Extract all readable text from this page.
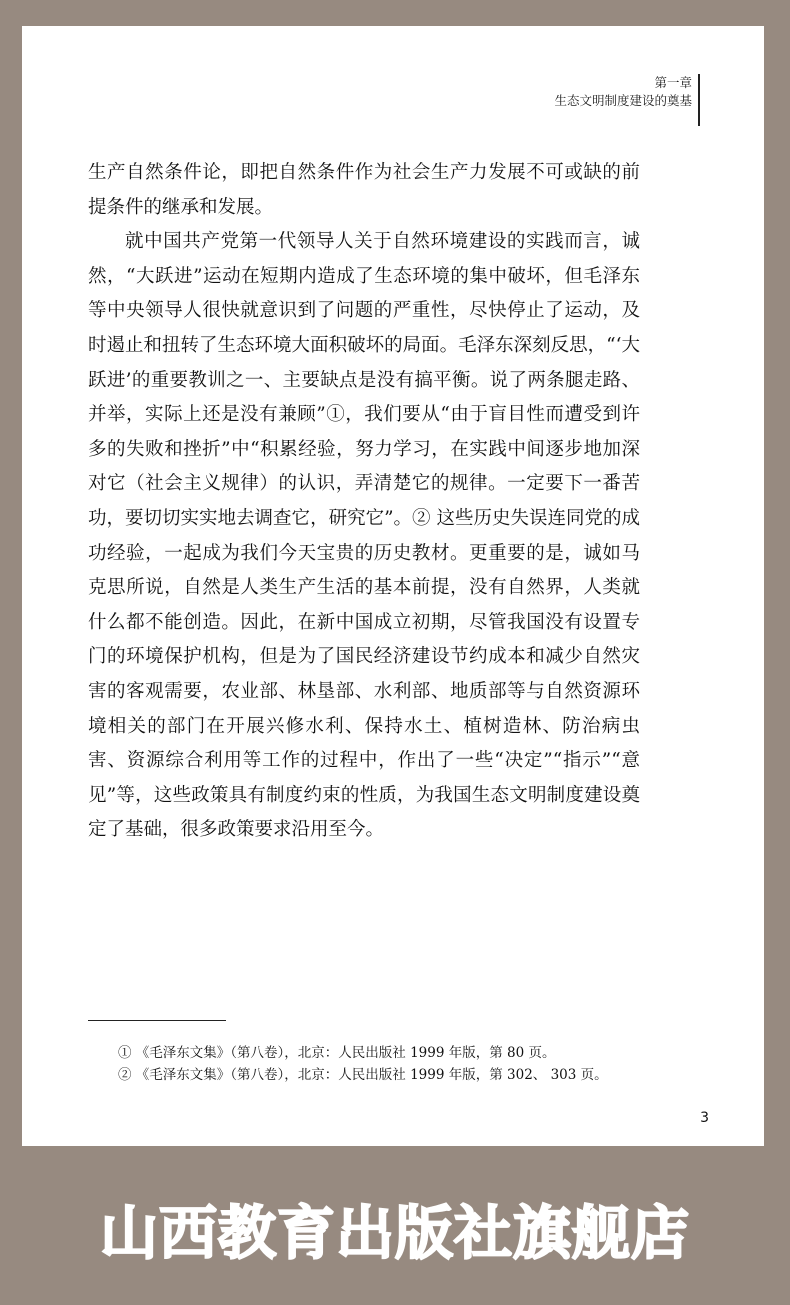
第一章
生态文明制度建设的奠基

生产自然条件论，即把自然条件作为社会生产力发展不可或缺的前提条件的继承和发展。

就中国共产党第一代领导人关于自然环境建设的实践而言，诚然，“大跃进”运动在短期内造成了生态环境的集中破坏，但毛泽东等中央领导人很快就意识到了问题的严重性，尽快停止了运动，及时遏止和扭转了生态环境大面积破坏的局面。毛泽东深刻反思，“‘大跃进’的重要教训之一、主要缺点是没有搞平衡。说了两条腿走路、并举，实际上还是没有兼顾”①，我们要从“由于盲目性而遭受到许多的失败和挫折”中“积累经验，努力学习，在实践中间逐步地加深对它（社会主义规律）的认识，弄清楚它的规律。一定要下一番苦功，要切切实实地去调查它，研究它”。② 这些历史失误连同党的成功经验，一起成为我们今天宝贵的历史教材。更重要的是，诚如马克思所说，自然是人类生产生活的基本前提，没有自然界，人类就什么都不能创造。因此，在新中国成立初期，尽管我国没有设置专门的环境保护机构，但是为了国民经济建设节约成本和减少自然灾害的客观需要，农业部、林垦部、水利部、地质部等与自然资源环境相关的部门在开展兴修水利、保持水土、植树造林、防治病虫害、资源综合利用等工作的过程中，作出了一些“决定”“指示”“意见”等，这些政策具有制度约束的性质，为我国生态文明制度建设奠定了基础，很多政策要求沿用至今。

① 《毛泽东文集》（第八卷），北京：人民出版社 1999 年版，第 80 页。
② 《毛泽东文集》（第八卷），北京：人民出版社 1999 年版，第 302、 303 页。
3
山西教育出版社旗舰店
